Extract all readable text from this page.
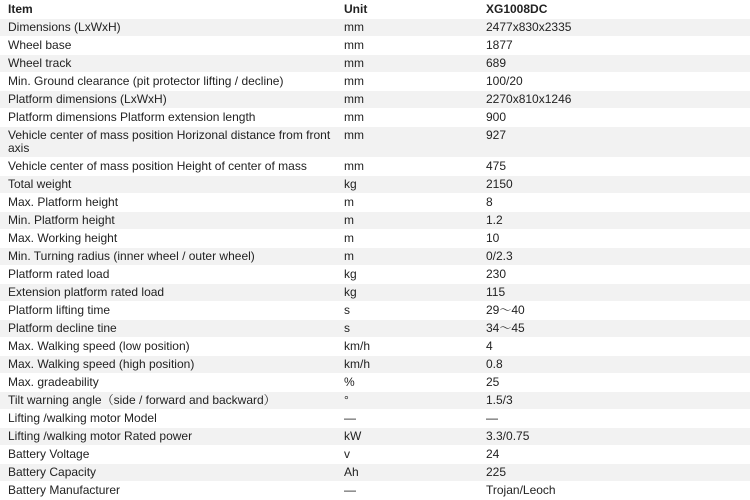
Item	Unit	XG1008DC
Dimensions (LxWxH)	mm	2477x830x2335
Wheel base	mm	1877
Wheel track	mm	689
Min. Ground clearance (pit protector lifting / decline)	mm	100/20
Platform dimensions (LxWxH)	mm	2270x810x1246
Platform dimensions Platform extension length	mm	900
Vehicle center of mass position Horizonal distance from front axis	mm	927
Vehicle center of mass position Height of center of mass	mm	475
Total weight	kg	2150
Max. Platform height	m	8
Min. Platform height	m	1.2
Max. Working height	m	10
Min. Turning radius (inner wheel / outer wheel)	m	0/2.3
Platform rated load	kg	230
Extension platform rated load	kg	115
Platform lifting time	s	29～40
Platform decline tine	s	34～45
Max. Walking speed (low position)	km/h	4
Max. Walking speed (high position)	km/h	0.8
Max. gradeability	%	25
Tilt warning angle（side / forward and backward）	°	1.5/3
Lifting /walking motor Model	—	—
Lifting /walking motor Rated power	kW	3.3/0.75
Battery Voltage	v	24
Battery Capacity	Ah	225
Battery Manufacturer	—	Trojan/Leoch
